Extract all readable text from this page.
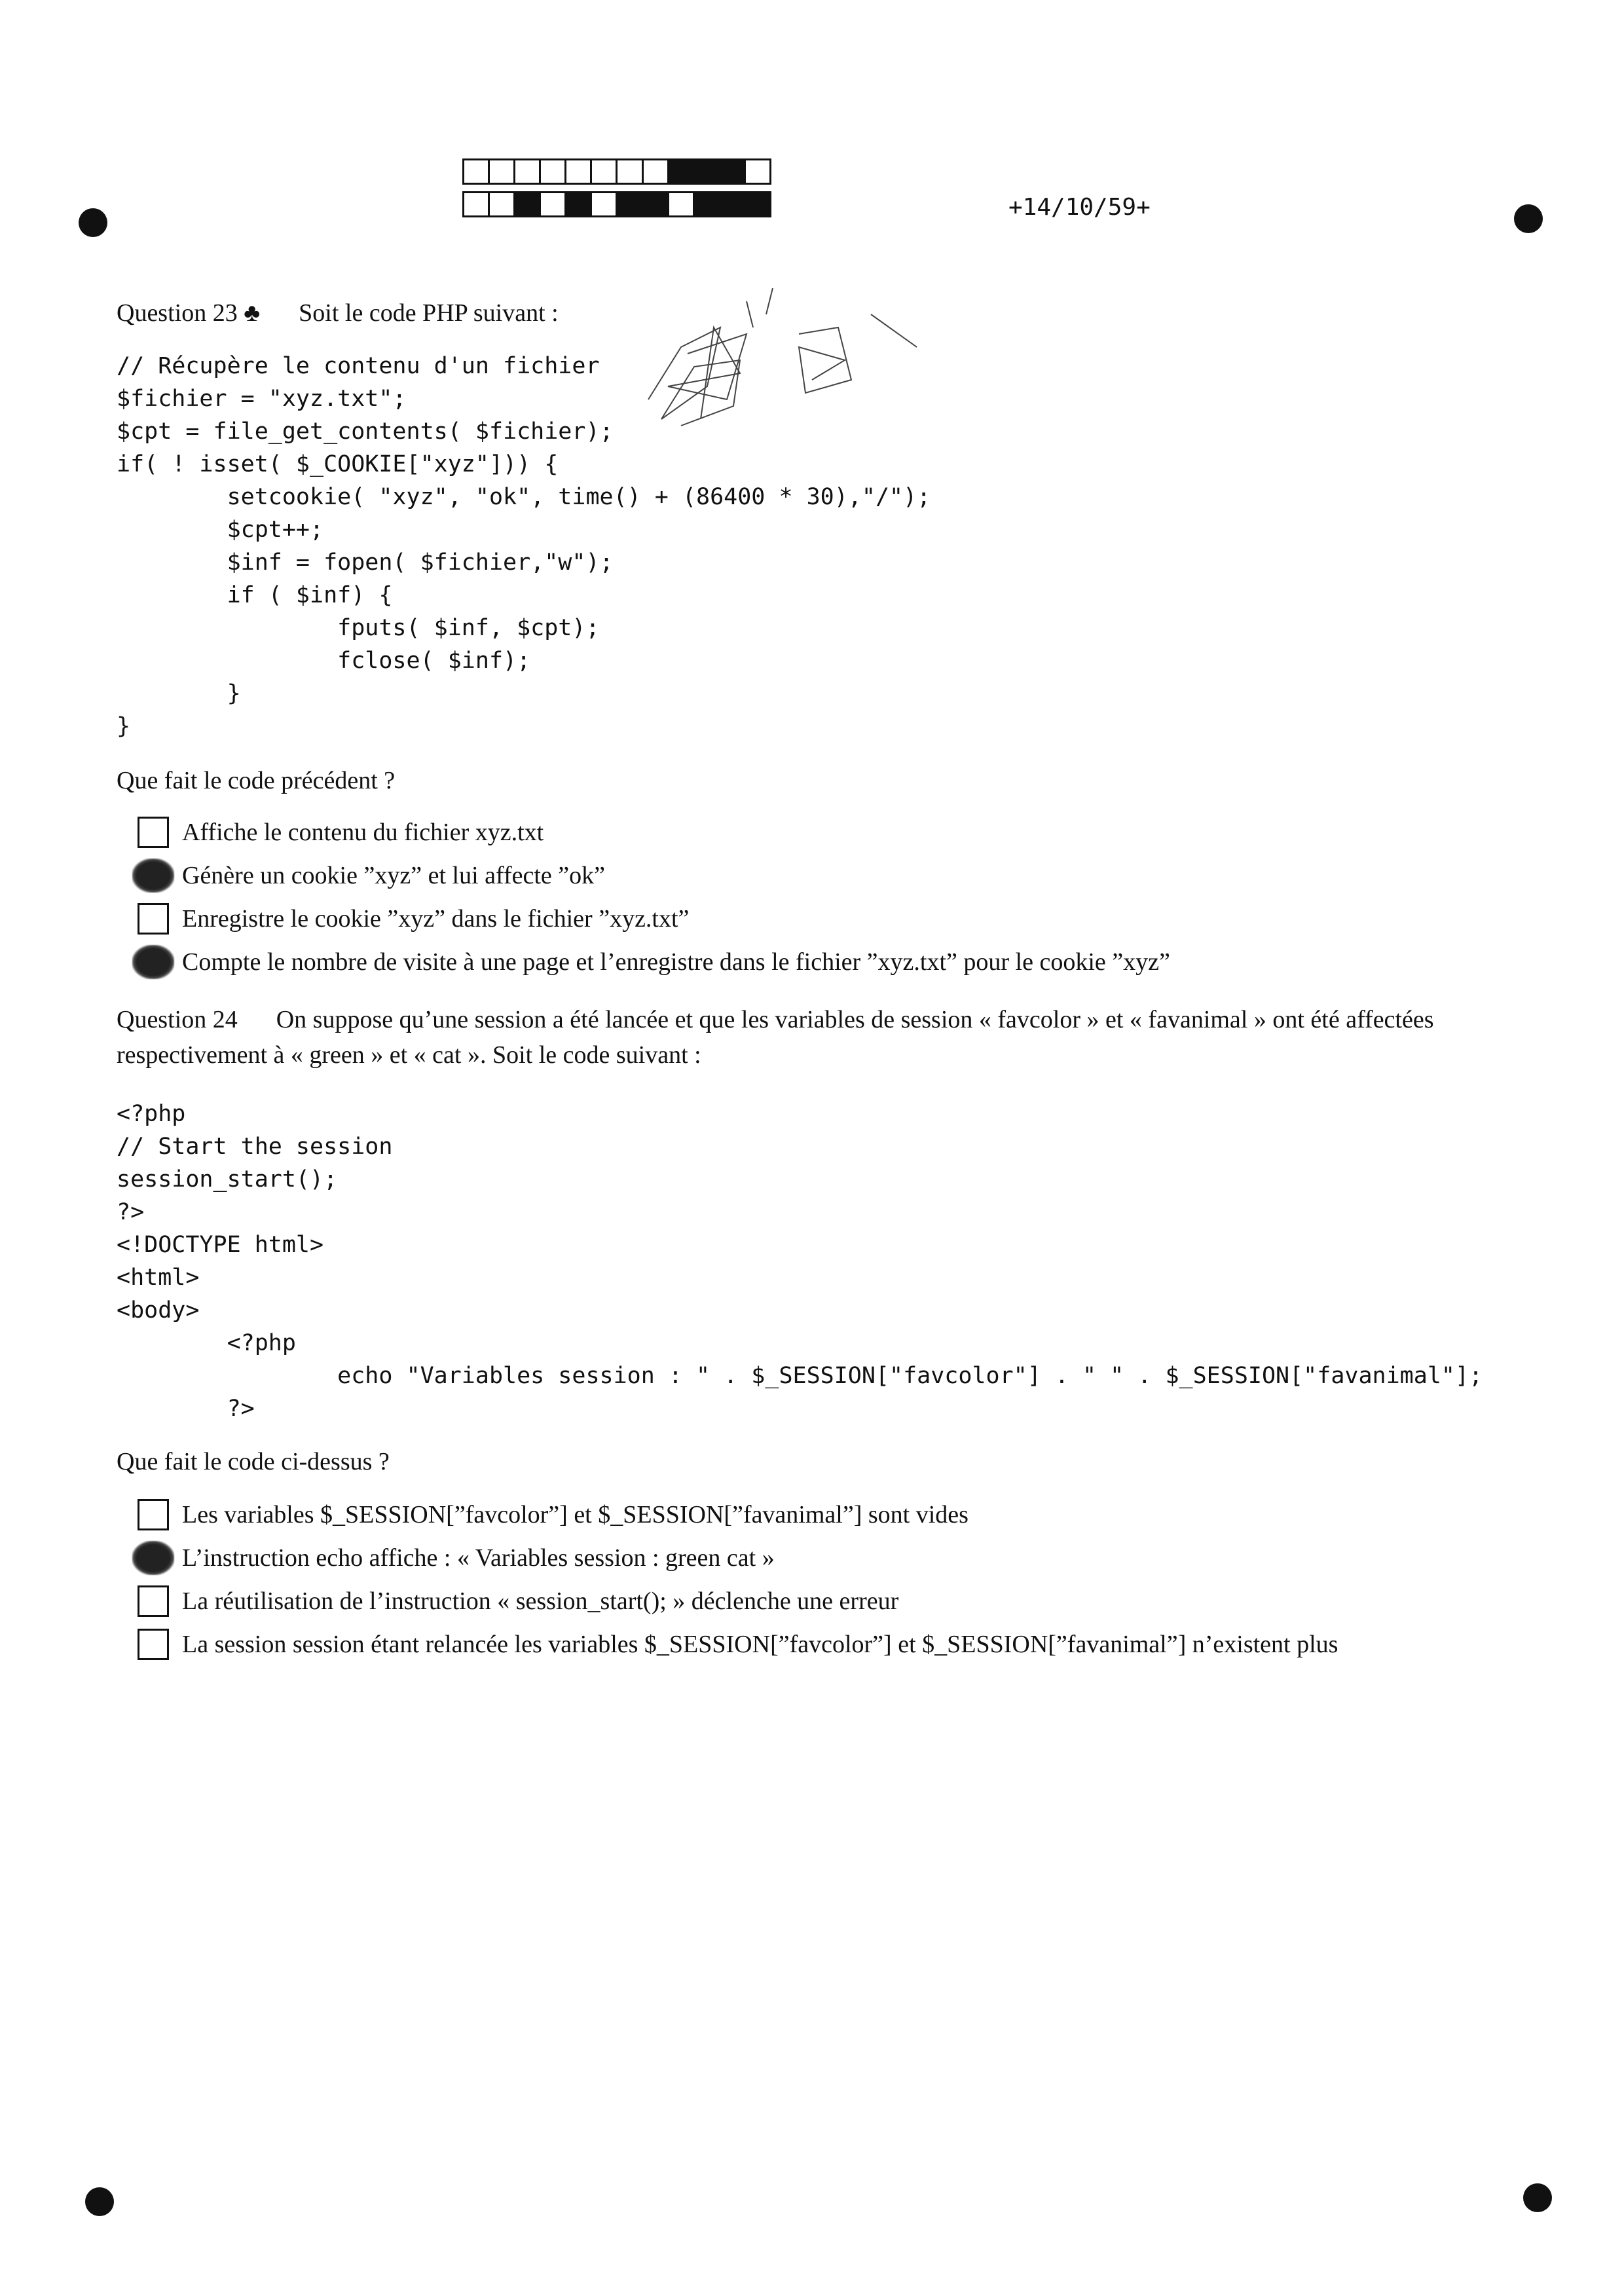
+14/10/59+
Question 23 ♣ Soit le code PHP suivant :
// Récupère le contenu d'un fichier
$fichier = "xyz.txt";
$cpt = file_get_contents( $fichier);
if( ! isset( $_COOKIE["xyz"])) {
setcookie( "xyz", "ok", time() + (86400 * 30),"/");
$cpt++;
$inf = fopen( $fichier,"w");
if ( $inf) {
fputs( $inf, $cpt);
fclose( $inf);
}
}
Que fait le code précédent ?
Affiche le contenu du fichier xyz.txt
Génère un cookie ”xyz” et lui affecte ”ok”
Enregistre le cookie ”xyz” dans le fichier ”xyz.txt”
Compte le nombre de visite à une page et l’enregistre dans le fichier ”xyz.txt” pour le cookie ”xyz”
Question 24 On suppose qu’une session a été lancée et que les variables de session « favcolor » et « favanimal » ont été affectées respectivement à « green » et « cat ». Soit le code suivant :
<?php
// Start the session
session_start();
?>
<!DOCTYPE html>
<html>
<body>
<?php
echo "Variables session : " . $_SESSION["favcolor"] . " " . $_SESSION["favanimal"];
?>
Que fait le code ci-dessus ?
Les variables $_SESSION[”favcolor”] et $_SESSION[”favanimal”] sont vides
L’instruction echo affiche : « Variables session : green cat »
La réutilisation de l’instruction « session_start(); » déclenche une erreur
La session session étant relancée les variables $_SESSION[”favcolor”] et $_SESSION[”favanimal”] n’existent plus
